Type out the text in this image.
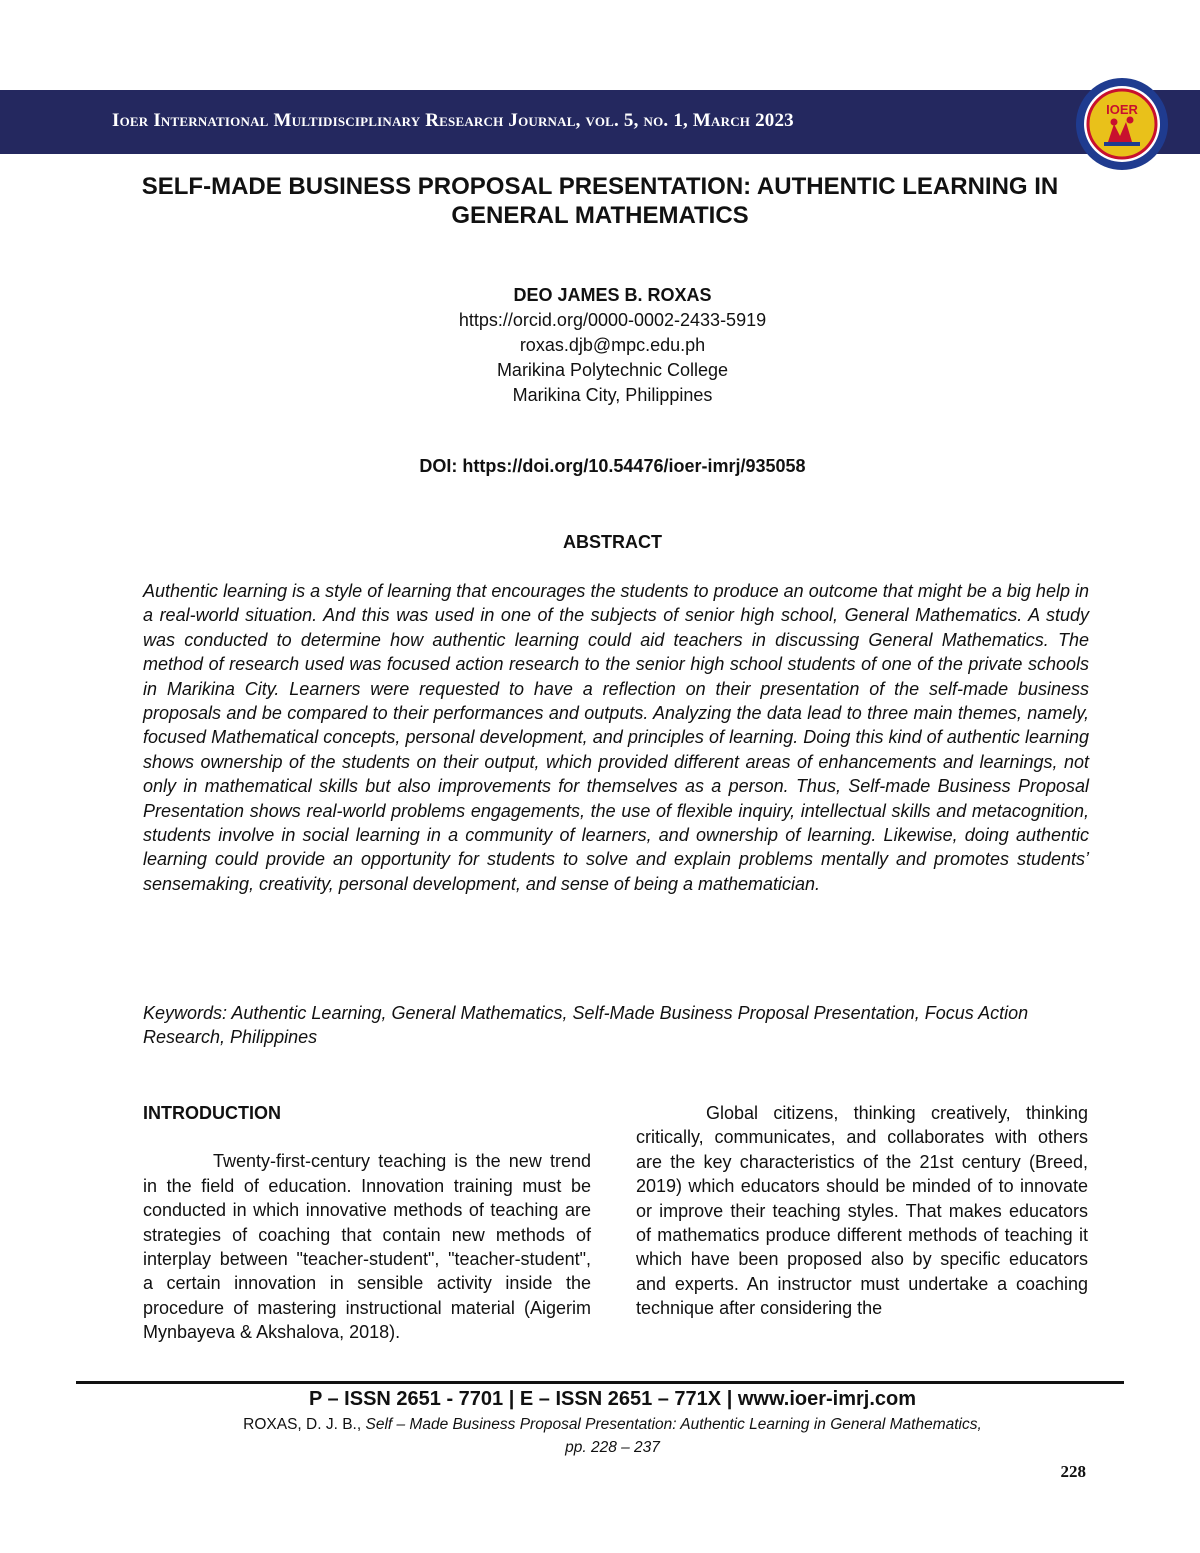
Ioer International Multidisciplinary Research Journal, vol. 5, no. 1, March 2023
IOER
SELF-MADE BUSINESS PROPOSAL PRESENTATION: AUTHENTIC LEARNING IN GENERAL MATHEMATICS
DEO JAMES B. ROXAS
https://orcid.org/0000-0002-2433-5919
roxas.djb@mpc.edu.ph
Marikina Polytechnic College
Marikina City, Philippines
DOI: https://doi.org/10.54476/ioer-imrj/935058
ABSTRACT
Authentic learning is a style of learning that encourages the students to produce an outcome that might be a big help in a real-world situation. And this was used in one of the subjects of senior high school, General Mathematics. A study was conducted to determine how authentic learning could aid teachers in discussing General Mathematics. The method of research used was focused action research to the senior high school students of one of the private schools in Marikina City. Learners were requested to have a reflection on their presentation of the self-made business proposals and be compared to their performances and outputs. Analyzing the data lead to three main themes, namely, focused Mathematical concepts, personal development, and principles of learning. Doing this kind of authentic learning shows ownership of the students on their output, which provided different areas of enhancements and learnings, not only in mathematical skills but also improvements for themselves as a person. Thus, Self-made Business Proposal Presentation shows real-world problems engagements, the use of flexible inquiry, intellectual skills and metacognition, students involve in social learning in a community of learners, and ownership of learning. Likewise, doing authentic learning could provide an opportunity for students to solve and explain problems mentally and promotes students’ sensemaking, creativity, personal development, and sense of being a mathematician.
Keywords: Authentic Learning, General Mathematics, Self-Made Business Proposal Presentation, Focus Action Research, Philippines

INTRODUCTION

Twenty-first-century teaching is the new trend in the field of education. Innovation training must be conducted in which innovative methods of teaching are strategies of coaching that contain new methods of interplay between "teacher-student", "teacher-student", a certain innovation in sensible activity inside the procedure of mastering instructional material (Aigerim Mynbayeva & Akshalova, 2018).

Global citizens, thinking creatively, thinking critically, communicates, and collaborates with others are the key characteristics of the 21st century (Breed, 2019) which educators should be minded of to innovate or improve their teaching styles. That makes educators of mathematics produce different methods of teaching it which have been proposed also by specific educators and experts. An instructor must undertake a coaching technique after considering the

P – ISSN 2651 - 7701 | E – ISSN 2651 – 771X | www.ioer-imrj.com
ROXAS, D. J. B., Self – Made Business Proposal Presentation: Authentic Learning in General Mathematics,
pp. 228 – 237
228
